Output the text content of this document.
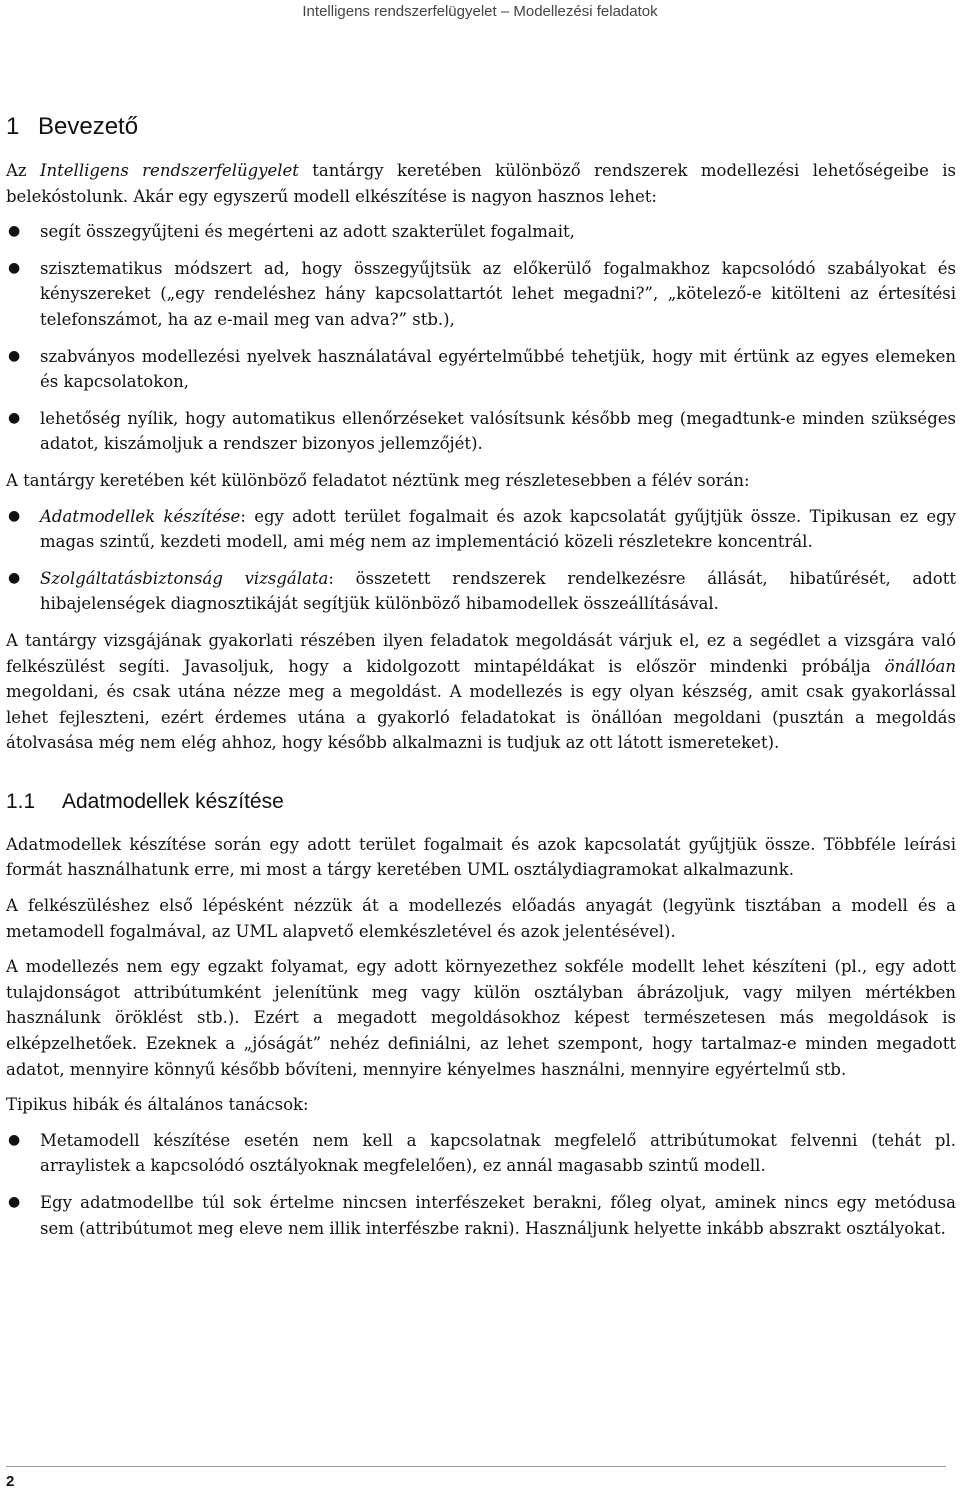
Intelligens rendszerfelügyelet – Modellezési feladatok
1 Bevezető

Az Intelligens rendszerfelügyelet tantárgy keretében különböző rendszerek modellezési lehetőségeibe is belekóstolunk. Akár egy egyszerű modell elkészítése is nagyon hasznos lehet:

● segít összegyűjteni és megérteni az adott szakterület fogalmait,
● szisztematikus módszert ad, hogy összegyűjtsük az előkerülő fogalmakhoz kapcsolódó szabályokat és kényszereket („egy rendeléshez hány kapcsolattartót lehet megadni?”, „kötelező-e kitölteni az értesítési telefonszámot, ha az e-mail meg van adva?” stb.),
● szabványos modellezési nyelvek használatával egyértelműbbé tehetjük, hogy mit értünk az egyes elemeken és kapcsolatokon,
● lehetőség nyílik, hogy automatikus ellenőrzéseket valósítsunk később meg (megadtunk-e minden szükséges adatot, kiszámoljuk a rendszer bizonyos jellemzőjét).

A tantárgy keretében két különböző feladatot néztünk meg részletesebben a félév során:

● Adatmodellek készítése: egy adott terület fogalmait és azok kapcsolatát gyűjtjük össze. Tipikusan ez egy magas szintű, kezdeti modell, ami még nem az implementáció közeli részletekre koncentrál.
● Szolgáltatásbiztonság vizsgálata: összetett rendszerek rendelkezésre állását, hibatűrését, adott hibajelenségek diagnosztikáját segítjük különböző hibamodellek összeállításával.

A tantárgy vizsgájának gyakorlati részében ilyen feladatok megoldását várjuk el, ez a segédlet a vizsgára való felkészülést segíti. Javasoljuk, hogy a kidolgozott mintapéldákat is először mindenki próbálja önállóan megoldani, és csak utána nézze meg a megoldást. A modellezés is egy olyan készség, amit csak gyakorlással lehet fejleszteni, ezért érdemes utána a gyakorló feladatokat is önállóan megoldani (pusztán a megoldás átolvasása még nem elég ahhoz, hogy később alkalmazni is tudjuk az ott látott ismereteket).

1.1 Adatmodellek készítése

Adatmodellek készítése során egy adott terület fogalmait és azok kapcsolatát gyűjtjük össze. Többféle leírási formát használhatunk erre, mi most a tárgy keretében UML osztálydiagramokat alkalmazunk.

A felkészüléshez első lépésként nézzük át a modellezés előadás anyagát (legyünk tisztában a modell és a metamodell fogalmával, az UML alapvető elemkészletével és azok jelentésével).

A modellezés nem egy egzakt folyamat, egy adott környezethez sokféle modellt lehet készíteni (pl., egy adott tulajdonságot attribútumként jelenítünk meg vagy külön osztályban ábrázoljuk, vagy milyen mértékben használunk öröklést stb.). Ezért a megadott megoldásokhoz képest természetesen más megoldások is elképzelhetőek. Ezeknek a „jóságát” nehéz definiálni, az lehet szempont, hogy tartalmaz-e minden megadott adatot, mennyire könnyű később bővíteni, mennyire kényelmes használni, mennyire egyértelmű stb.

Tipikus hibák és általános tanácsok:

● Metamodell készítése esetén nem kell a kapcsolatnak megfelelő attribútumokat felvenni (tehát pl. arraylistek a kapcsolódó osztályoknak megfelelően), ez annál magasabb szintű modell.
● Egy adatmodellbe túl sok értelme nincsen interfészeket berakni, főleg olyat, aminek nincs egy metódusa sem (attribútumot meg eleve nem illik interfészbe rakni). Használjunk helyette inkább abszrakt osztályokat.
2
